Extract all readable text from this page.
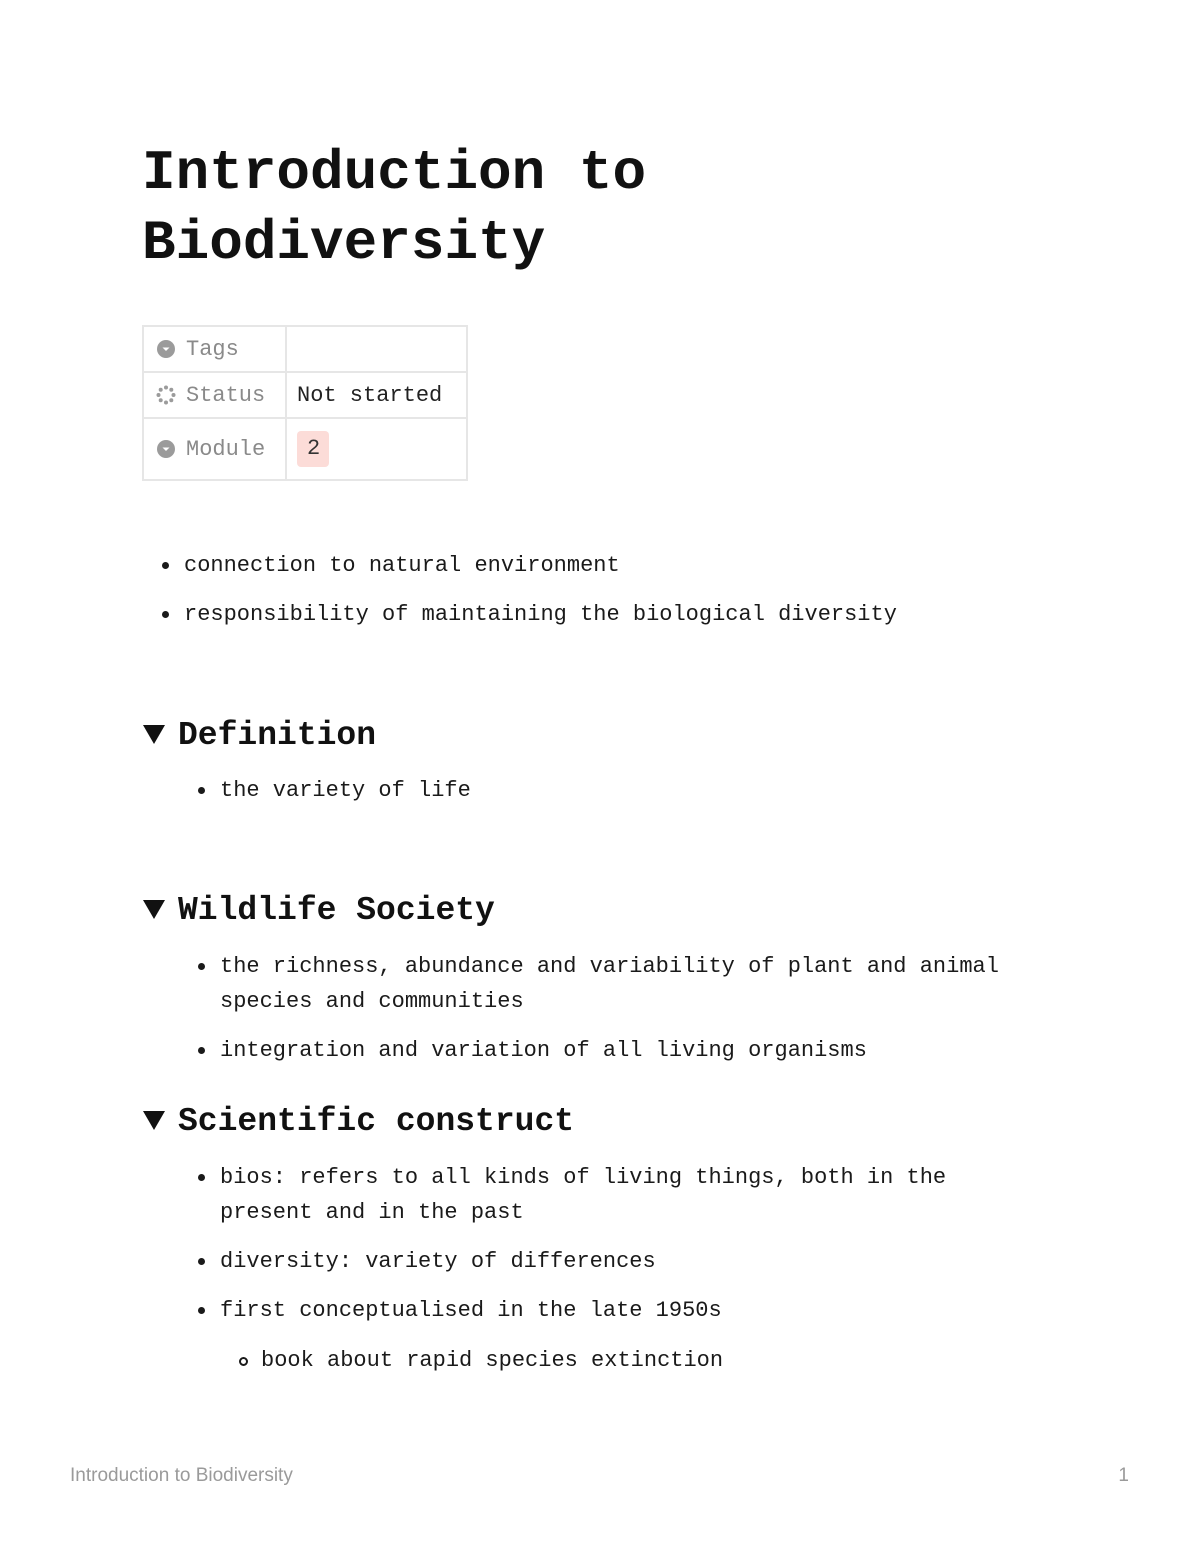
Introduction to Biodiversity
Tags	
Status	Not started
Module	2
connection to natural environment
responsibility of maintaining the biological diversity
Definition
the variety of life
Wildlife Society
the richness, abundance and variability of plant and animal species and communities
integration and variation of all living organisms
Scientific construct
bios: refers to all kinds of living things, both in the present and in the past
diversity: variety of differences
first conceptualised in the late 1950s
book about rapid species extinction
Introduction to Biodiversity	1
